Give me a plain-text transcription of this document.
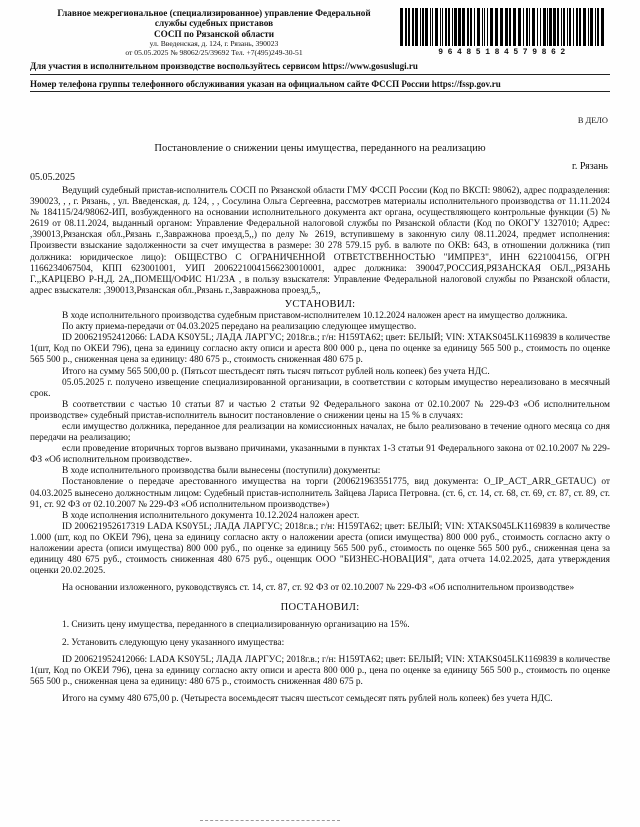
Главное межрегиональное (специализированное) управление Федеральной
службы судебных приставов
СОСП по Рязанской области
ул. Введенская, д. 124, г. Рязань, 390023
от 05.05.2025 № 98062/25/39692 Тел. +7(495)249-30-51	96485184579862
Для участия в исполнительном производстве воспользуйтесь сервисом https://www.gosuslugi.ru
Номер телефона группы телефонного обслуживания указан на официальном сайте ФССП России https://fssp.gov.ru
В ДЕЛО
Постановление о снижении цены имущества, переданного на реализацию
г. Рязань
05.05.2025

Ведущий судебный пристав-исполнитель СОСП по Рязанской области ГМУ ФССП России (Код по ВКСП: 98062), адрес подразделения: 390023, , , г. Рязань, , ул. Введенская, д. 124, , , Сосулина Ольга Сергеевна, рассмотрев материалы исполнительного производства от 11.11.2024 № 184115/24/98062-ИП, возбужденного на основании исполнительного документа акт органа, осуществляющего контрольные функции (5) № 2619 от 08.11.2024, выданный органом: Управление Федеральной налоговой службы по Рязанской области (Код по ОКОГУ 1327010; Адрес: ,390013,Рязанская обл.,Рязань г.,Завражнова проезд,5,,) по делу № 2619, вступившему в законную силу 08.11.2024, предмет исполнения: Произвести взыскание задолженности за счет имущества в размере: 30 278 579.15 руб. в валюте по ОКВ: 643, в отношении должника (тип должника: юридическое лицо): ОБЩЕСТВО С ОГРАНИЧЕННОЙ ОТВЕТСТВЕННОСТЬЮ "ИМПРЕЗ", ИНН 6221004156, ОГРН 1166234067504, КПП 623001001, УИП 20062210041566230010001, адрес должника: 390047,РОССИЯ,РЯЗАНСКАЯ ОБЛ.,,РЯЗАНЬ Г.,,КАРЦЕВО Р-Н,Д. 2А,,ПОМЕЩ/ОФИС Н1/23А , в пользу взыскателя: Управление Федеральной налоговой службы по Рязанской области, адрес взыскателя: ,390013,Рязанская обл.,Рязань г.,Завражнова проезд,5,,

УСТАНОВИЛ:

В ходе исполнительного производства судебным приставом-исполнителем 10.12.2024 наложен арест на имущество должника.

По акту приема-передачи от 04.03.2025 передано на реализацию следующее имущество.

ID 200621952412066: LADA KS0Y5L; ЛАДА ЛАРГУС; 2018г.в.; г/н: Н159ТА62; цвет: БЕЛЫЙ; VIN: XTAKS045LK1169839 в количестве 1(шт, Код по ОКЕИ 796), цена за единицу согласно акту описи и ареста 800 000 р., цена по оценке за единицу 565 500 р., стоимость по оценке 565 500 р., сниженная цена за единицу: 480 675 р., стоимость сниженная 480 675 р.

Итого на сумму 565 500,00 р. (Пятьсот шестьдесят пять тысяч пятьсот рублей ноль копеек) без учета НДС.

05.05.2025 г. получено извещение специализированной организации, в соответствии с которым имущество нереализовано в месячный срок.

В соответствии с частью 10 статьи 87 и частью 2 статьи 92 Федерального закона от 02.10.2007 № 229-ФЗ «Об исполнительном производстве» судебный пристав-исполнитель выносит постановление о снижении цены на 15 % в случаях:

если имущество должника, переданное для реализации на комиссионных началах, не было реализовано в течение одного месяца со дня передачи на реализацию;

если проведение вторичных торгов вызвано причинами, указанными в пунктах 1-3 статьи 91 Федерального закона от 02.10.2007 № 229-ФЗ «Об исполнительном производстве».

В ходе исполнительного производства были вынесены (поступили) документы:

Постановление о передаче арестованного имущества на торги (200621963551775, вид документа: O_IP_ACT_ARR_GETAUC) от 04.03.2025 вынесено должностным лицом: Судебный пристав-исполнитель Зайцева Лариса Петровна. (ст. 6, ст. 14, ст. 68, ст. 69, ст. 87, ст. 89, ст. 91, ст. 92 ФЗ от 02.10.2007 № 229-ФЗ «Об исполнительном производстве»)

В ходе исполнения исполнительного документа 10.12.2024 наложен арест.

ID 200621952617319 LADA KS0Y5L; ЛАДА ЛАРГУС; 2018г.в.; г/н: Н159ТА62; цвет: БЕЛЫЙ; VIN: XTAKS045LK1169839 в количестве 1.000 (шт, код по ОКЕИ 796), цена за единицу согласно акту о наложении ареста (описи имущества) 800 000 руб., стоимость согласно акту о наложении ареста (описи имущества) 800 000 руб., по оценке за единицу 565 500 руб., стоимость по оценке 565 500 руб., сниженная цена за единицу 480 675 руб., стоимость сниженная 480 675 руб., оценщик ООО "БИЗНЕС-НОВАЦИЯ", дата отчета 14.02.2025, дата утверждения оценки 20.02.2025.

На основании изложенного, руководствуясь ст. 14, ст. 87, ст. 92 ФЗ от 02.10.2007 № 229-ФЗ «Об исполнительном производстве»

ПОСТАНОВИЛ:

1. Снизить цену имущества, переданного в специализированную организацию на 15%.

2. Установить следующую цену указанного имущества:

ID 200621952412066: LADA KS0Y5L; ЛАДА ЛАРГУС; 2018г.в.; г/н: Н159ТА62; цвет: БЕЛЫЙ; VIN: XTAKS045LK1169839 в количестве 1(шт, Код по ОКЕИ 796), цена за единицу согласно акту описи и ареста 800 000 р., цена по оценке за единицу 565 500 р., стоимость по оценке 565 500 р., сниженная цена за единицу: 480 675 р., стоимость сниженная 480 675 р.

Итого на сумму 480 675,00 р. (Четыреста восемьдесят тысяч шестьсот семьдесят пять рублей ноль копеек) без учета НДС.
